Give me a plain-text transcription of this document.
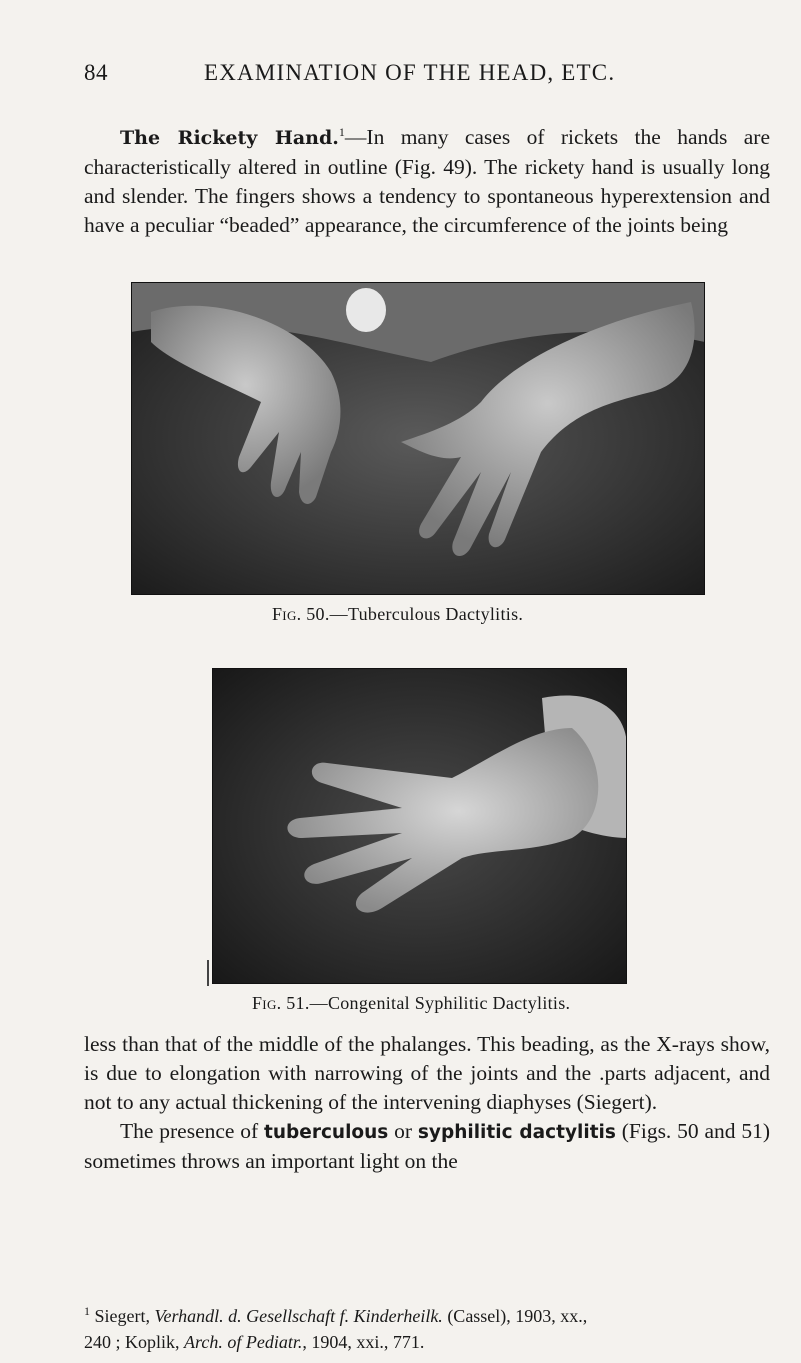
84	EXAMINATION OF THE HEAD, ETC.

The Rickety Hand.$^1$—In many cases of rickets the hands are characteristically altered in outline (Fig. 49). The rickety hand is usually long and slender. The fingers shows a tendency to spontaneous hyperextension and have a peculiar “beaded” appearance, the circumference of the joints being

Fig. 50.—Tuberculous Dactylitis.
Fig. 51.—Congenital Syphilitic Dactylitis.

less than that of the middle of the phalanges. This beading, as the X-rays show, is due to elongation with narrowing of the joints and the .parts adjacent, and not to any actual thickening of the intervening diaphyses (Siegert).

The presence of tuberculous or syphilitic dactylitis (Figs. 50 and 51) sometimes throws an important light on the

$^1$ Siegert, Verhandl. d. Gesellschaft f. Kinderheilk. (Cassel), 1903, xx.,
240 ; Koplik, Arch. of Pediatr., 1904, xxi., 771.
